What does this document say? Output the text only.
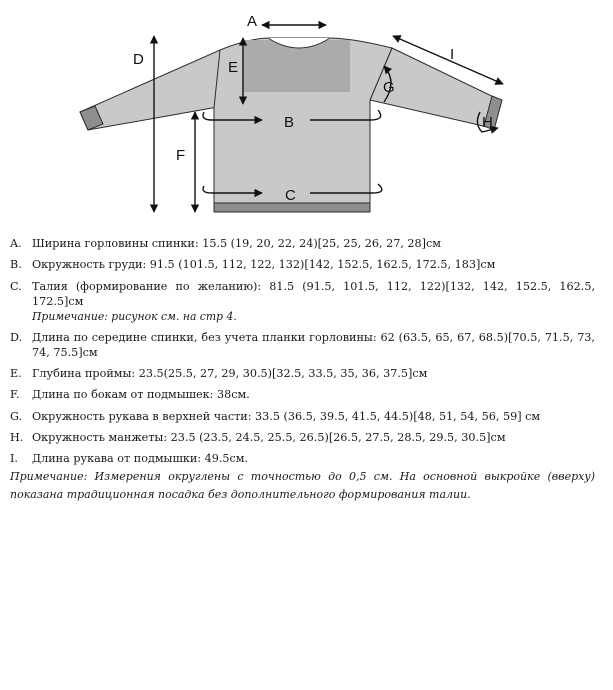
A
D	E
F
B
C
I
G
H
A. Ширина горловины спинки: 15.5 (19, 20, 22, 24)[25, 25, 26, 27, 28]см
B. Окружность груди: 91.5 (101.5, 112, 122, 132)[142, 152.5, 162.5, 172.5, 183]см
C. Талия (формирование по желанию): 81.5 (91.5, 101.5, 112, 122)[132, 142, 152.5, 162.5, 172.5]см
Примечание: рисунок см. на стр 4.
D. Длина по середине спинки, без учета планки горловины: 62 (63.5, 65, 67, 68.5)[70.5, 71.5, 73, 74, 75.5]см
E. Глубина проймы: 23.5(25.5, 27, 29, 30.5)[32.5, 33.5, 35, 36, 37.5]см
F.	Длина по бокам от подмышек: 38см.
G. Окружность рукава в верхней части: 33.5 (36.5, 39.5, 41.5, 44.5)[48, 51, 54, 56, 59] см
H. Окружность манжеты: 23.5 (23.5, 24.5, 25.5, 26.5)[26.5, 27.5, 28.5, 29.5, 30.5]см
I.	Длина рукава от подмышки: 49.5см.
Примечание: Измерения округлены с точностью до 0,5 см. На основной выкройке (вверху) показана традиционная посадка без дополнительного формирования талии.
